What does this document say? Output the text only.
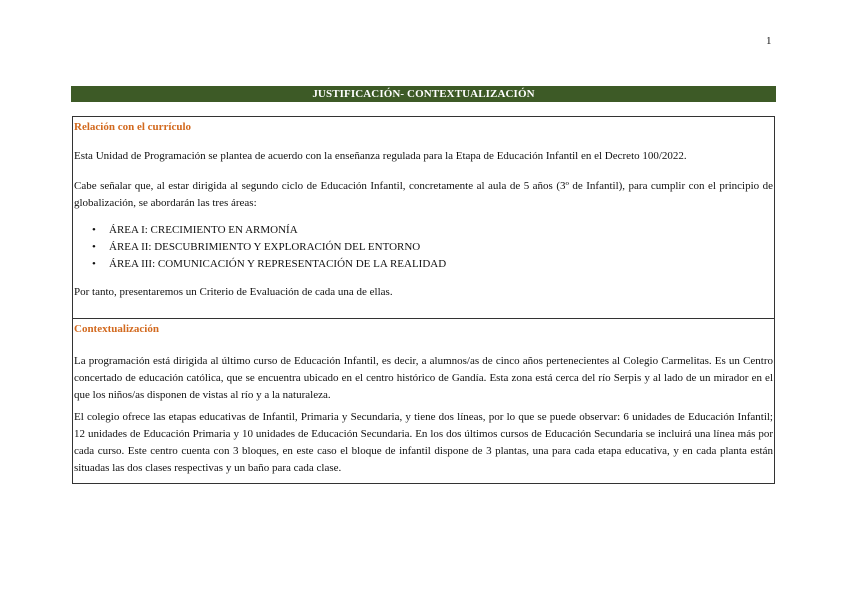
1
JUSTIFICACIÓN- CONTEXTUALIZACIÓN

Relación con el currículo

Esta Unidad de Programación se plantea de acuerdo con la enseñanza regulada para la Etapa de Educación Infantil en el Decreto 100/2022.

Cabe señalar que, al estar dirigida al segundo ciclo de Educación Infantil, concretamente al aula de 5 años (3º de Infantil), para cumplir con el principio de globalización, se abordarán las tres áreas:

• ÁREA I: CRECIMIENTO EN ARMONÍA
• ÁREA II: DESCUBRIMIENTO Y EXPLORACIÓN DEL ENTORNO
• ÁREA III: COMUNICACIÓN Y REPRESENTACIÓN DE LA REALIDAD

Por tanto, presentaremos un Criterio de Evaluación de cada una de ellas.

Contextualización

La programación está dirigida al último curso de Educación Infantil, es decir, a alumnos/as de cinco años pertenecientes al Colegio Carmelitas. Es un Centro concertado de educación católica, que se encuentra ubicado en el centro histórico de Gandía. Esta zona está cerca del río Serpis y al lado de un mirador en el que los niños/as disponen de vistas al río y a la naturaleza.

El colegio ofrece las etapas educativas de Infantil, Primaria y Secundaria, y tiene dos líneas, por lo que se puede observar: 6 unidades de Educación Infantil; 12 unidades de Educación Primaria y 10 unidades de Educación Secundaria. En los dos últimos cursos de Educación Secundaria se incluirá una línea más por cada curso. Este centro cuenta con 3 bloques, en este caso el bloque de infantil dispone de 3 plantas, una para cada etapa educativa, y en cada planta están situadas las dos clases respectivas y un baño para cada clase.
